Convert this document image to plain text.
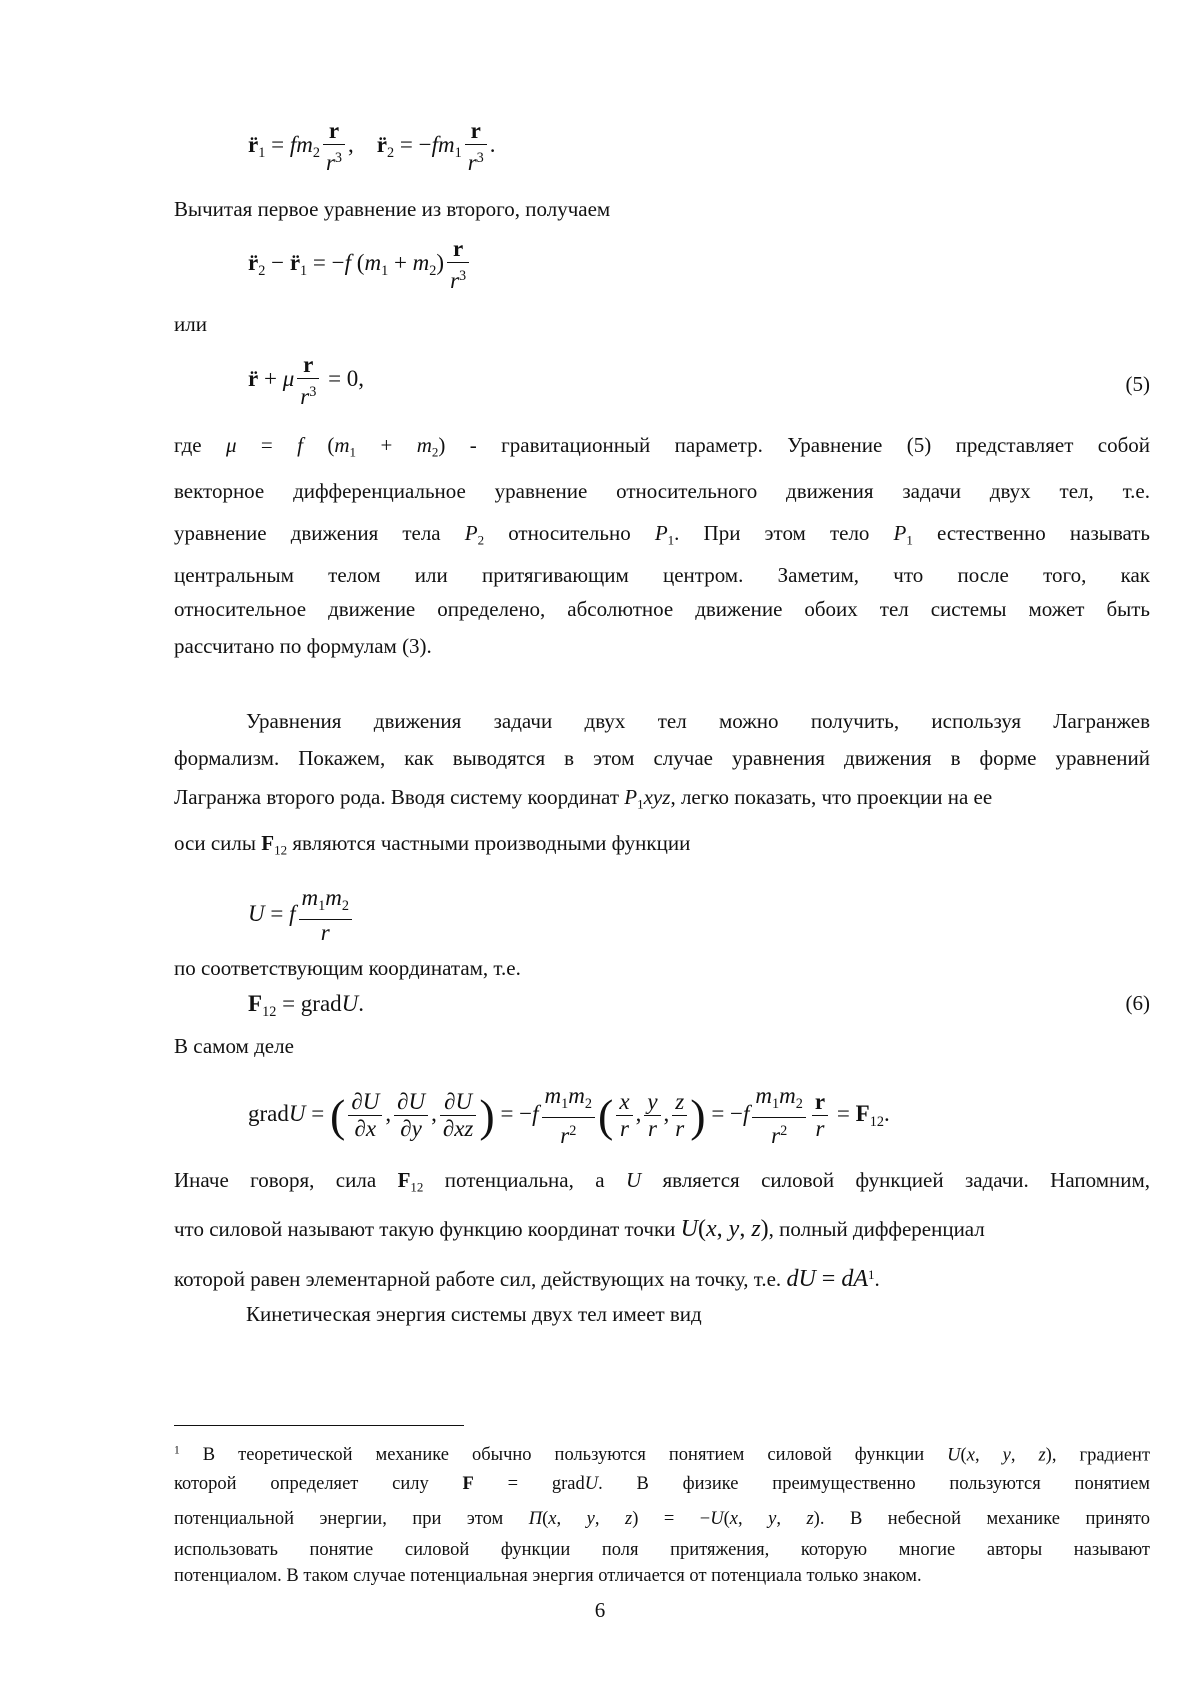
$r̈_1 = fm_2 \frac{r}{r^3}$ ,    $r̈_2 = -fm_1 \frac{r}{r^3}$ .
Вычитая первое уравнение из второго, получаем
$r̈_2$ − $r̈_1 = -f$ $(m_1 + m_2) \frac{r}{r^3}$
или
r̈ + μ $\frac{r}{r^3} = 0$,	(5)
где μ = f $(m_1 + m_2)$ - гравитационный параметр. Уравнение (5) представляет собой
векторное дифференциальное уравнение относительного движения задачи двух тел, т.е.
уравнение движения тела $P_2$ относительно $P_1$. При этом тело $P_1$ естественно называть
центральным телом или притягивающим центром. Заметим, что после того, как
относительное движение определено, абсолютное движение обоих тел системы может быть
рассчитано по формулам (3).
Уравнения движения задачи двух тел можно получить, используя Лагранжев
формализм. Покажем, как выводятся в этом случае уравнения движения в форме уравнений
Лагранжа второго рода. Вводя систему координат $P_1xyz$, легко показать, что проекции на ее
оси силы $F_{12}$ являются частными производными функции
U = f $\frac{m_1m_2}{r}$
по соответствующим координатам, т.е.
$F_{12}$ = gradU.	(6)
В самом деле
gradU = ( $\frac{\partial U}{\partial x}$ , $\frac{\partial U}{\partial y}$ , $\frac{\partial U}{\partial xz}$ ) = $-f \frac{m_1m_2}{r^2}$ ( $\frac{x}{r}$ , $\frac{y}{r}$ , $\frac{z}{r}$ ) = $-f \frac{m_1m_2}{r^2} \frac{r}{r} = F_{12}$.
Иначе говоря, сила $F_{12}$ потенциальна, а U является силовой функцией задачи. Напомним,
что силовой называют такую функцию координат точки U(x, y, z), полный дифференциал
которой равен элементарной работе сил, действующих на точку, т.е. dU = $dA^1$.
Кинетическая энергия системы двух тел имеет вид
$^1$ В теоретической механике обычно пользуются понятием силовой функции U(x, y, z), градиент
которой определяет силу F = gradU. В физике преимущественно пользуются понятием
потенциальной энергии, при этом Π(x, y, z) = −U(x, y, z). В небесной механике принято
использовать понятие силовой функции поля притяжения, которую многие авторы называют
потенциалом. В таком случае потенциальная энергия отличается от потенциала только знаком.
6
